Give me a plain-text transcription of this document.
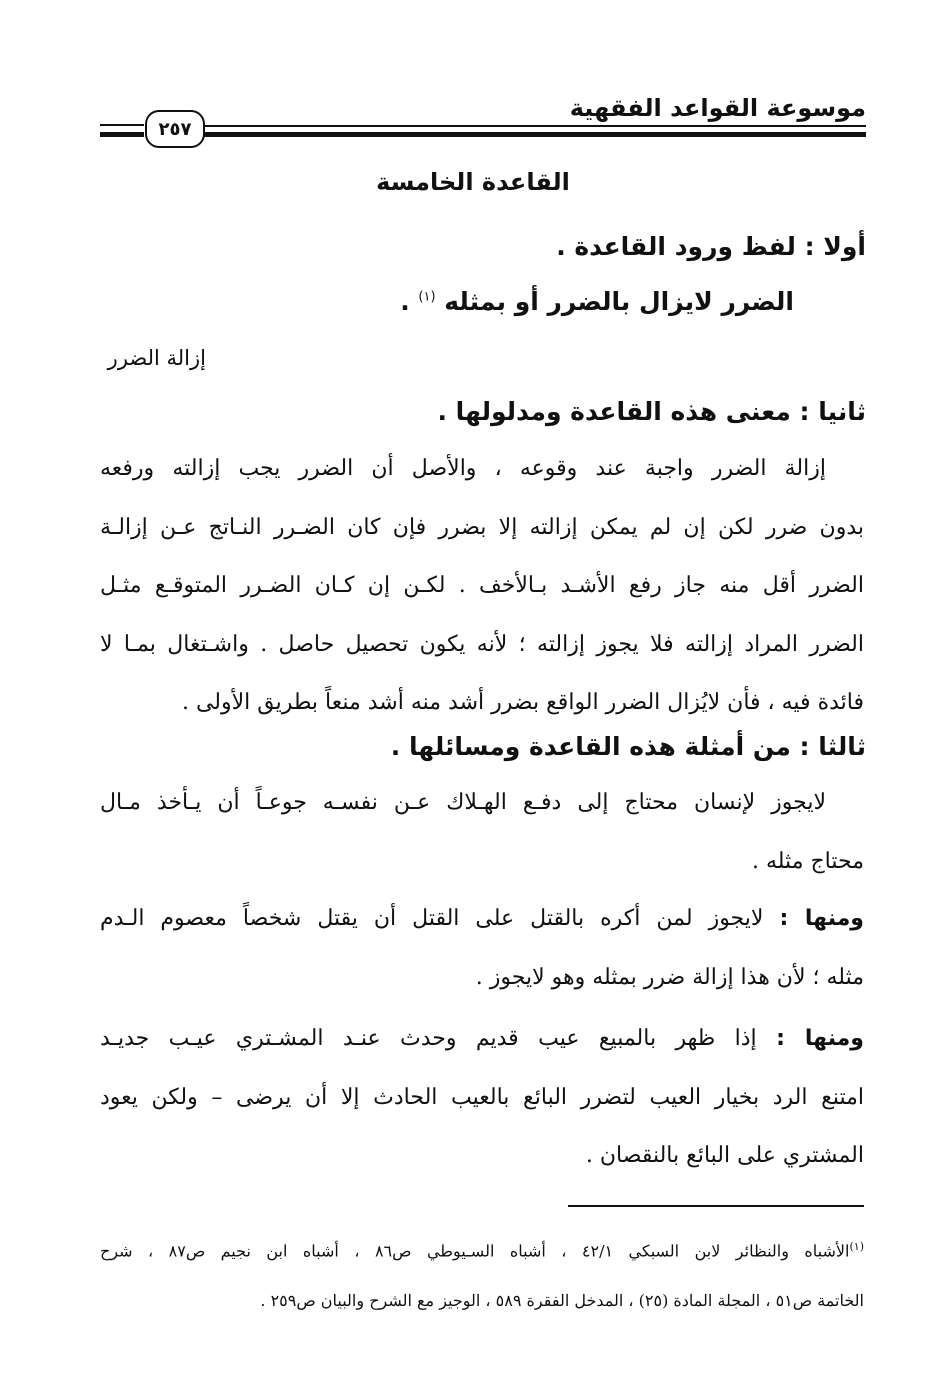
موسوعة القواعد الفقهية
٢٥٧
القاعدة الخامسة
أولا : لفظ ورود القاعدة .
الضرر لايزال بالضرر أو بمثله $^{(١)}$ .
إزالة الضرر
ثانيا : معنى هذه القاعدة ومدلولها .
إزالة الضرر واجبة عند وقوعه ، والأصل أن الضرر يجب إزالته ورفعه
بدون ضرر لكن إن لم يمكن إزالته إلا بضرر فإن كان الضـرر النـاتج عـن إزالـة
الضرر أقل منه جاز رفع الأشـد بـالأخف . لكـن إن كـان الضـرر المتوقـع مثـل
الضرر المراد إزالته فلا يجوز إزالته ؛ لأنه يكون تحصيل حاصل . واشـتغال بمـا لا
فائدة فيه ، فأن لايُزال الضرر الواقع بضرر أشد منه أشد منعاً بطريق الأولى .
ثالثا : من أمثلة هذه القاعدة ومسائلها .
لايجوز لإنسان محتاج إلى دفـع الهـلاك عـن نفسـه جوعـاً أن يـأخذ مـال
محتاج مثله .
ومنها : لايجوز لمن أكره بالقتل على القتل أن يقتل شخصاً معصوم الـدم
مثله ؛ لأن هذا إزالة ضرر بمثله وهو لايجوز .
ومنها : إذا ظهر بالمبيع عيب قديم وحدث عنـد المشـتري عيـب جديـد
امتنع الرد بخيار العيب لتضرر البائع بالعيب الحادث إلا أن يرضى – ولكن يعود
المشتري على البائع بالنقصان .
$^{(١)}$الأشباه والنظائر لابن السبكي ٤٢/١ ، أشباه السـيوطي ص٨٦ ، أشباه ابن نجيم ص٨٧ ، شرح
الخاتمة ص٥١ ، المجلة المادة (٢٥) ، المدخل الفقرة ٥٨٩ ، الوجيز مع الشرح والبيان ص٢٥٩ .
